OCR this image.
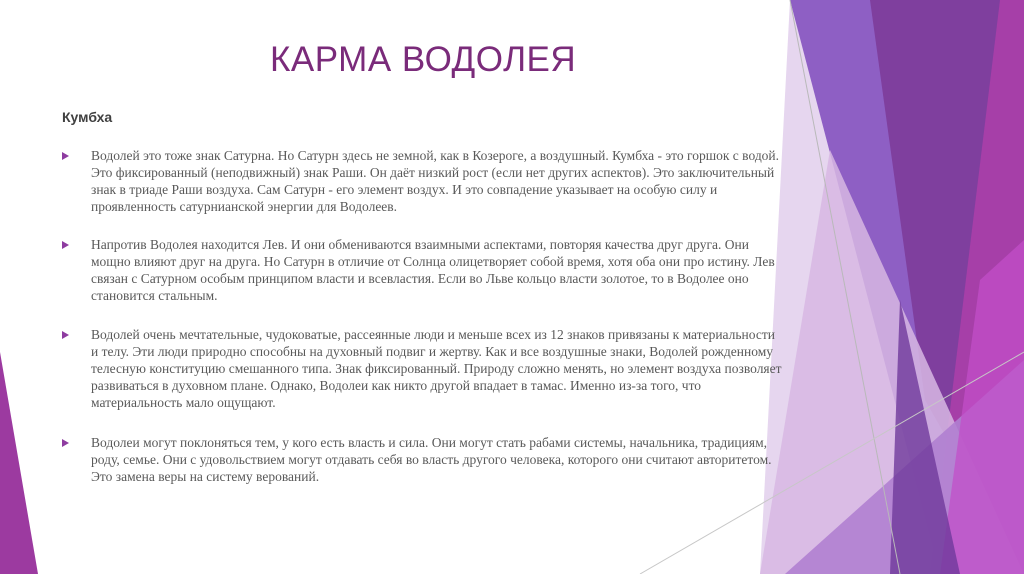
КАРМА ВОДОЛЕЯ
Кумбха

Водолей это тоже знак Сатурна. Но Сатурн здесь не земной, как в Козероге, а воздушный. Кумбха - это горшок с водой. Это фиксированный (неподвижный) знак Раши. Он даёт низкий рост (если нет других аспектов). Это заключительный знак в триаде Раши воздуха. Сам Сатурн - его элемент воздух. И это совпадение указывает на особую силу и проявленность сатурнианской энергии для Водолеев.

Напротив Водолея находится Лев. И они обмениваются взаимными аспектами, повторяя качества друг друга. Они мощно влияют друг на друга. Но Сатурн в отличие от Солнца олицетворяет собой время, хотя оба они про истину. Лев связан с Сатурном особым принципом власти и всевластия. Если во Льве кольцо власти золотое, то в Водолее оно становится стальным.

Водолей очень мечтательные, чудоковатые, рассеянные люди и меньше всех из 12 знаков привязаны к материальности и телу. Эти люди природно способны на духовный подвиг и жертву. Как и все воздушные знаки, Водолей рожденному телесную конституцию смешанного типа. Знак фиксированный. Природу сложно менять, но элемент воздуха позволяет развиваться в духовном плане. Однако, Водолеи как никто другой впадает в тамас. Именно из-за того, что материальность мало ощущают.

Водолеи могут поклоняться тем, у кого есть власть и сила. Они могут стать рабами системы, начальника, традициям, роду, семье. Они с удовольствием могут отдавать себя во власть другого человека, которого они считают авторитетом. Это замена веры на систему верований.
